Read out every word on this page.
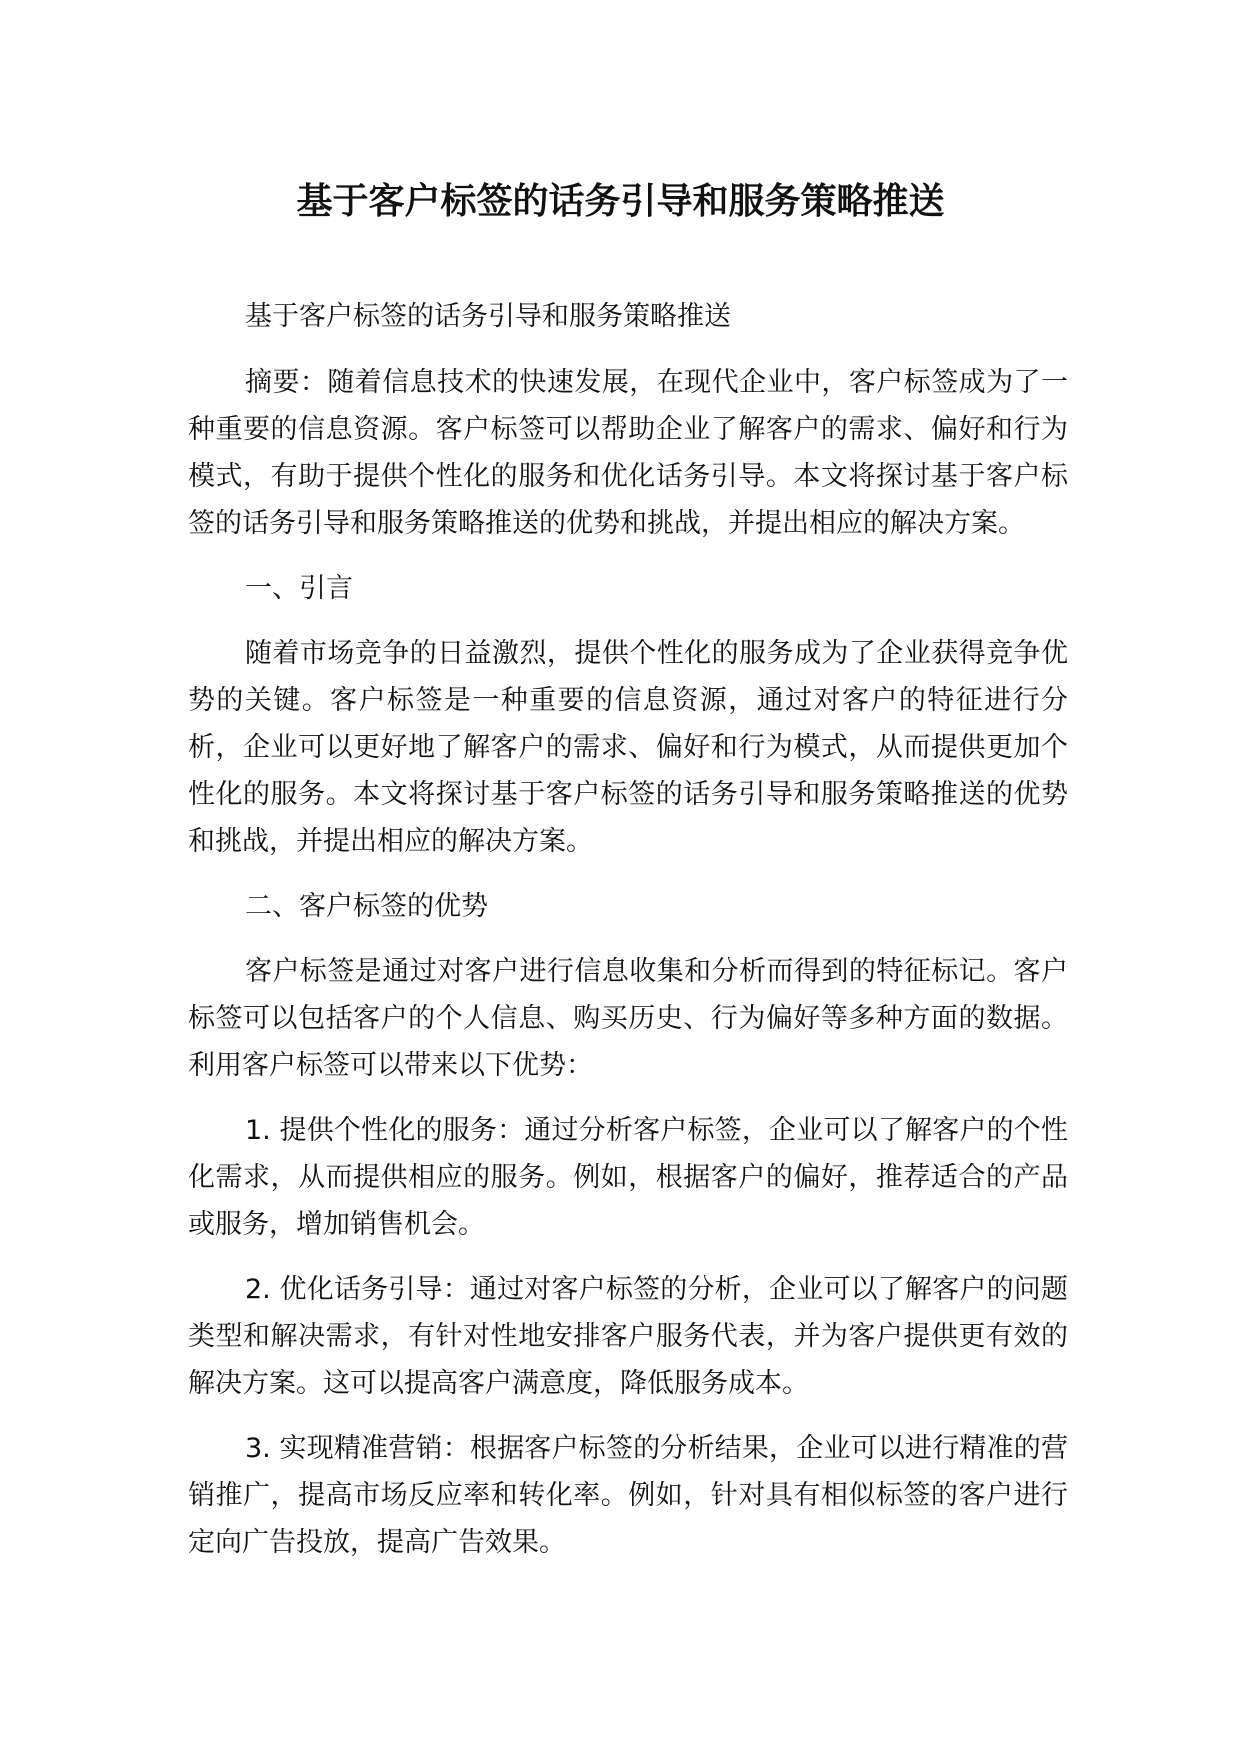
基于客户标签的话务引导和服务策略推送

基于客户标签的话务引导和服务策略推送

摘要：随着信息技术的快速发展，在现代企业中，客户标签成为了一种重要的信息资源。客户标签可以帮助企业了解客户的需求、偏好和行为模式，有助于提供个性化的服务和优化话务引导。本文将探讨基于客户标签的话务引导和服务策略推送的优势和挑战，并提出相应的解决方案。

一、引言

随着市场竞争的日益激烈，提供个性化的服务成为了企业获得竞争优势的关键。客户标签是一种重要的信息资源，通过对客户的特征进行分析，企业可以更好地了解客户的需求、偏好和行为模式，从而提供更加个性化的服务。本文将探讨基于客户标签的话务引导和服务策略推送的优势和挑战，并提出相应的解决方案。

二、客户标签的优势

客户标签是通过对客户进行信息收集和分析而得到的特征标记。客户标签可以包括客户的个人信息、购买历史、行为偏好等多种方面的数据。利用客户标签可以带来以下优势：

1. 提供个性化的服务：通过分析客户标签，企业可以了解客户的个性化需求，从而提供相应的服务。例如，根据客户的偏好，推荐适合的产品或服务，增加销售机会。

2. 优化话务引导：通过对客户标签的分析，企业可以了解客户的问题类型和解决需求，有针对性地安排客户服务代表，并为客户提供更有效的解决方案。这可以提高客户满意度，降低服务成本。

3. 实现精准营销：根据客户标签的分析结果，企业可以进行精准的营销推广，提高市场反应率和转化率。例如，针对具有相似标签的客户进行定向广告投放，提高广告效果。
